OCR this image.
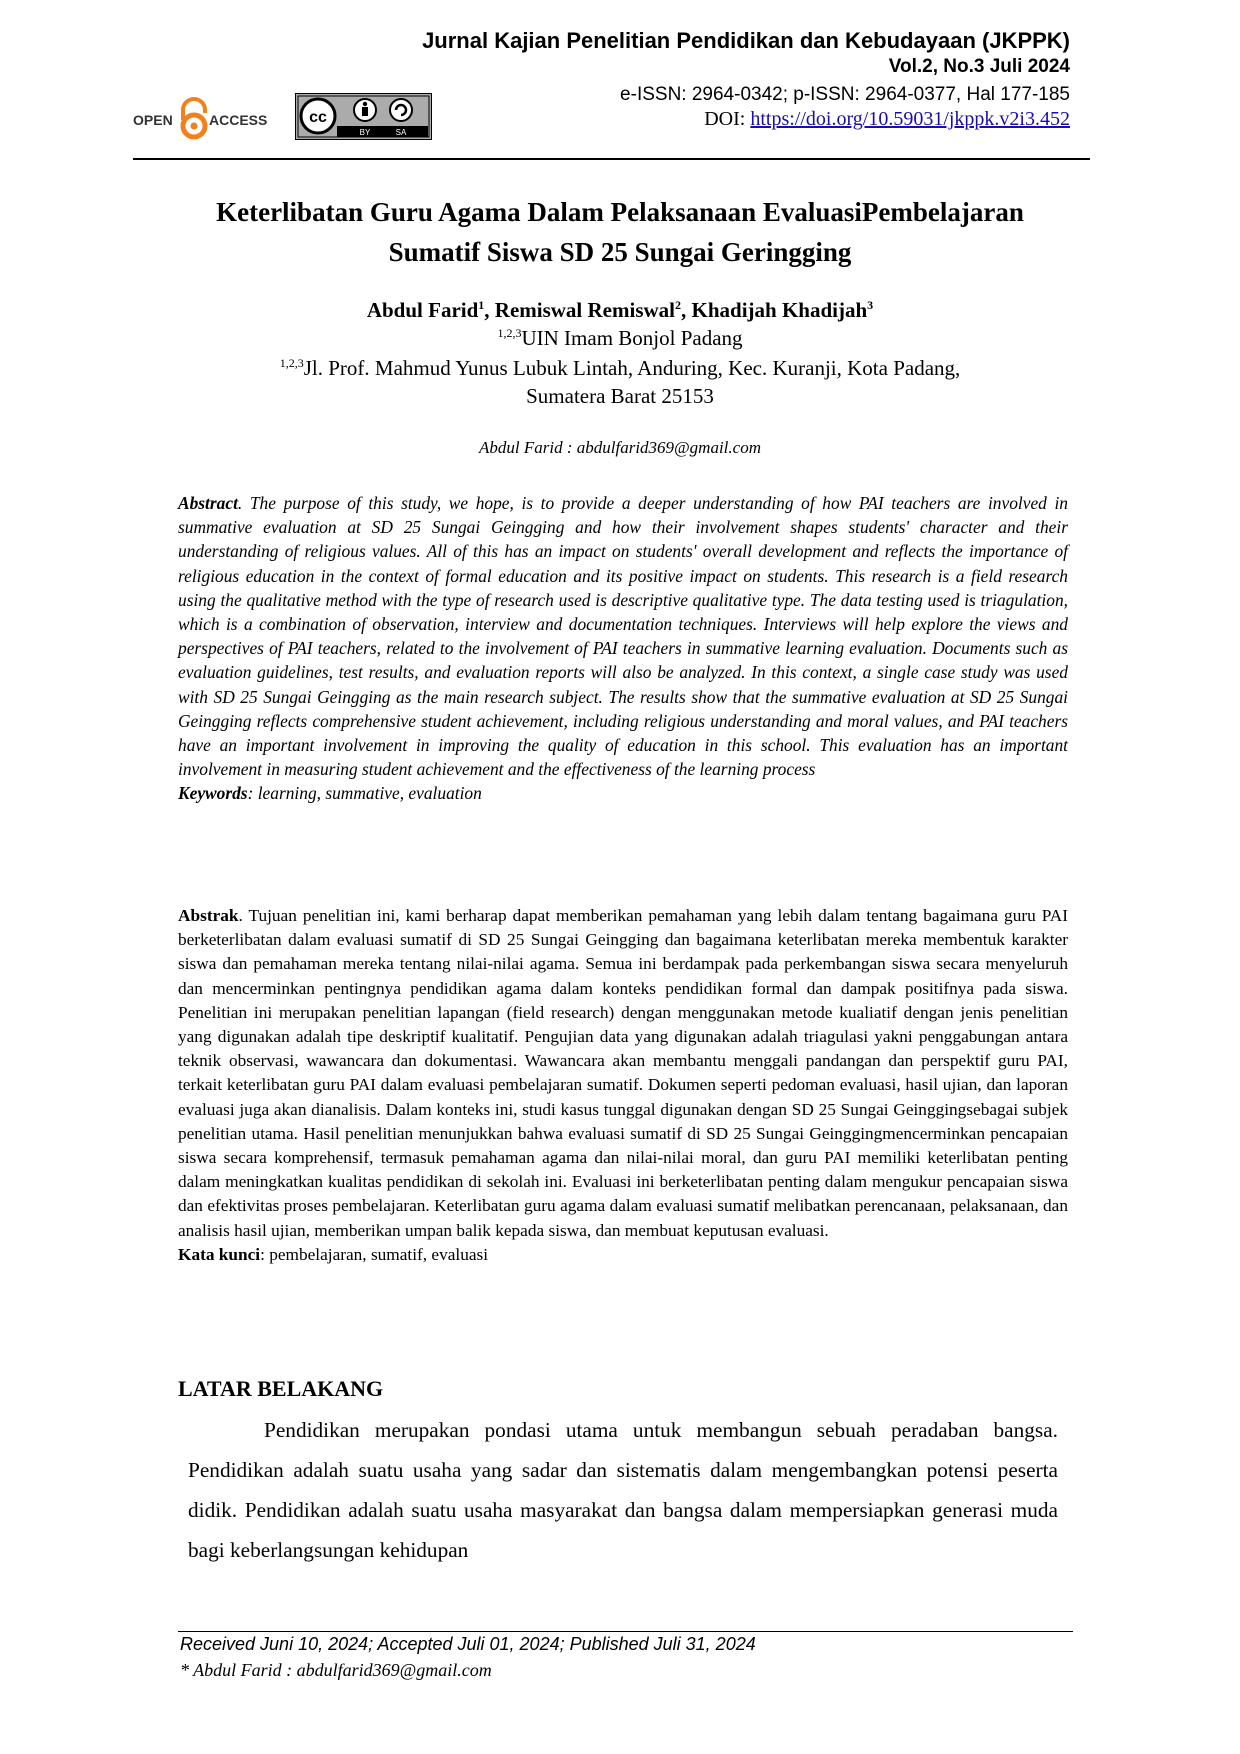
Jurnal Kajian Penelitian Pendidikan dan Kebudayaan (JKPPK)
Vol.2, No.3 Juli 2024
e-ISSN: 2964-0342; p-ISSN: 2964-0377, Hal 177-185
DOI: https://doi.org/10.59031/jkppk.v2i3.452
OPEN	ACCESS	cc
BY	SA
Keterlibatan Guru Agama Dalam Pelaksanaan EvaluasiPembelajaran
Sumatif Siswa SD 25 Sungai Geringging
Abdul Farid$^1$, Remiswal Remiswal$^2$, Khadijah Khadijah$^3$
$^{1,2,3}$UIN Imam Bonjol Padang
$^{1,2,3}$Jl. Prof. Mahmud Yunus Lubuk Lintah, Anduring, Kec. Kuranji, Kota Padang,
Sumatera Barat 25153
Abdul Farid : abdulfarid369@gmail.com
Abstract. The purpose of this study, we hope, is to provide a deeper understanding of how PAI teachers are involved in summative evaluation at SD 25 Sungai Geingging and how their involvement shapes students' character and their understanding of religious values. All of this has an impact on students' overall development and reflects the importance of religious education in the context of formal education and its positive impact on students. This research is a field research using the qualitative method with the type of research used is descriptive qualitative type. The data testing used is triagulation, which is a combination of observation, interview and documentation techniques. Interviews will help explore the views and perspectives of PAI teachers, related to the involvement of PAI teachers in summative learning evaluation. Documents such as evaluation guidelines, test results, and evaluation reports will also be analyzed. In this context, a single case study was used with SD 25 Sungai Geingging as the main research subject. The results show that the summative evaluation at SD 25 Sungai Geingging reflects comprehensive student achievement, including religious understanding and moral values, and PAI teachers have an important involvement in improving the quality of education in this school. This evaluation has an important involvement in measuring student achievement and the effectiveness of the learning process
Keywords: learning, summative, evaluation
Abstrak. Tujuan penelitian ini, kami berharap dapat memberikan pemahaman yang lebih dalam tentang bagaimana guru PAI berketerlibatan dalam evaluasi sumatif di SD 25 Sungai Geingging dan bagaimana keterlibatan mereka membentuk karakter siswa dan pemahaman mereka tentang nilai-nilai agama. Semua ini berdampak pada perkembangan siswa secara menyeluruh dan mencerminkan pentingnya pendidikan agama dalam konteks pendidikan formal dan dampak positifnya pada siswa. Penelitian ini merupakan penelitian lapangan (field research) dengan menggunakan metode kualiatif dengan jenis penelitian yang digunakan adalah tipe deskriptif kualitatif. Pengujian data yang digunakan adalah triagulasi yakni penggabungan antara teknik observasi, wawancara dan dokumentasi. Wawancara akan membantu menggali pandangan dan perspektif guru PAI, terkait keterlibatan guru PAI dalam evaluasi pembelajaran sumatif. Dokumen seperti pedoman evaluasi, hasil ujian, dan laporan evaluasi juga akan dianalisis. Dalam konteks ini, studi kasus tunggal digunakan dengan SD 25 Sungai Geinggingsebagai subjek penelitian utama. Hasil penelitian menunjukkan bahwa evaluasi sumatif di SD 25 Sungai Geinggingmencerminkan pencapaian siswa secara komprehensif, termasuk pemahaman agama dan nilai-nilai moral, dan guru PAI memiliki keterlibatan penting dalam meningkatkan kualitas pendidikan di sekolah ini. Evaluasi ini berketerlibatan penting dalam mengukur pencapaian siswa dan efektivitas proses pembelajaran. Keterlibatan guru agama dalam evaluasi sumatif melibatkan perencanaan, pelaksanaan, dan analisis hasil ujian, memberikan umpan balik kepada siswa, dan membuat keputusan evaluasi.
Kata kunci: pembelajaran, sumatif, evaluasi
LATAR BELAKANG

Pendidikan merupakan pondasi utama untuk membangun sebuah peradaban bangsa. Pendidikan adalah suatu usaha yang sadar dan sistematis dalam mengembangkan potensi peserta didik. Pendidikan adalah suatu usaha masyarakat dan bangsa dalam mempersiapkan generasi muda bagi keberlangsungan kehidupan

Received Juni 10, 2024; Accepted Juli 01, 2024; Published Juli 31, 2024
* Abdul Farid : abdulfarid369@gmail.com
